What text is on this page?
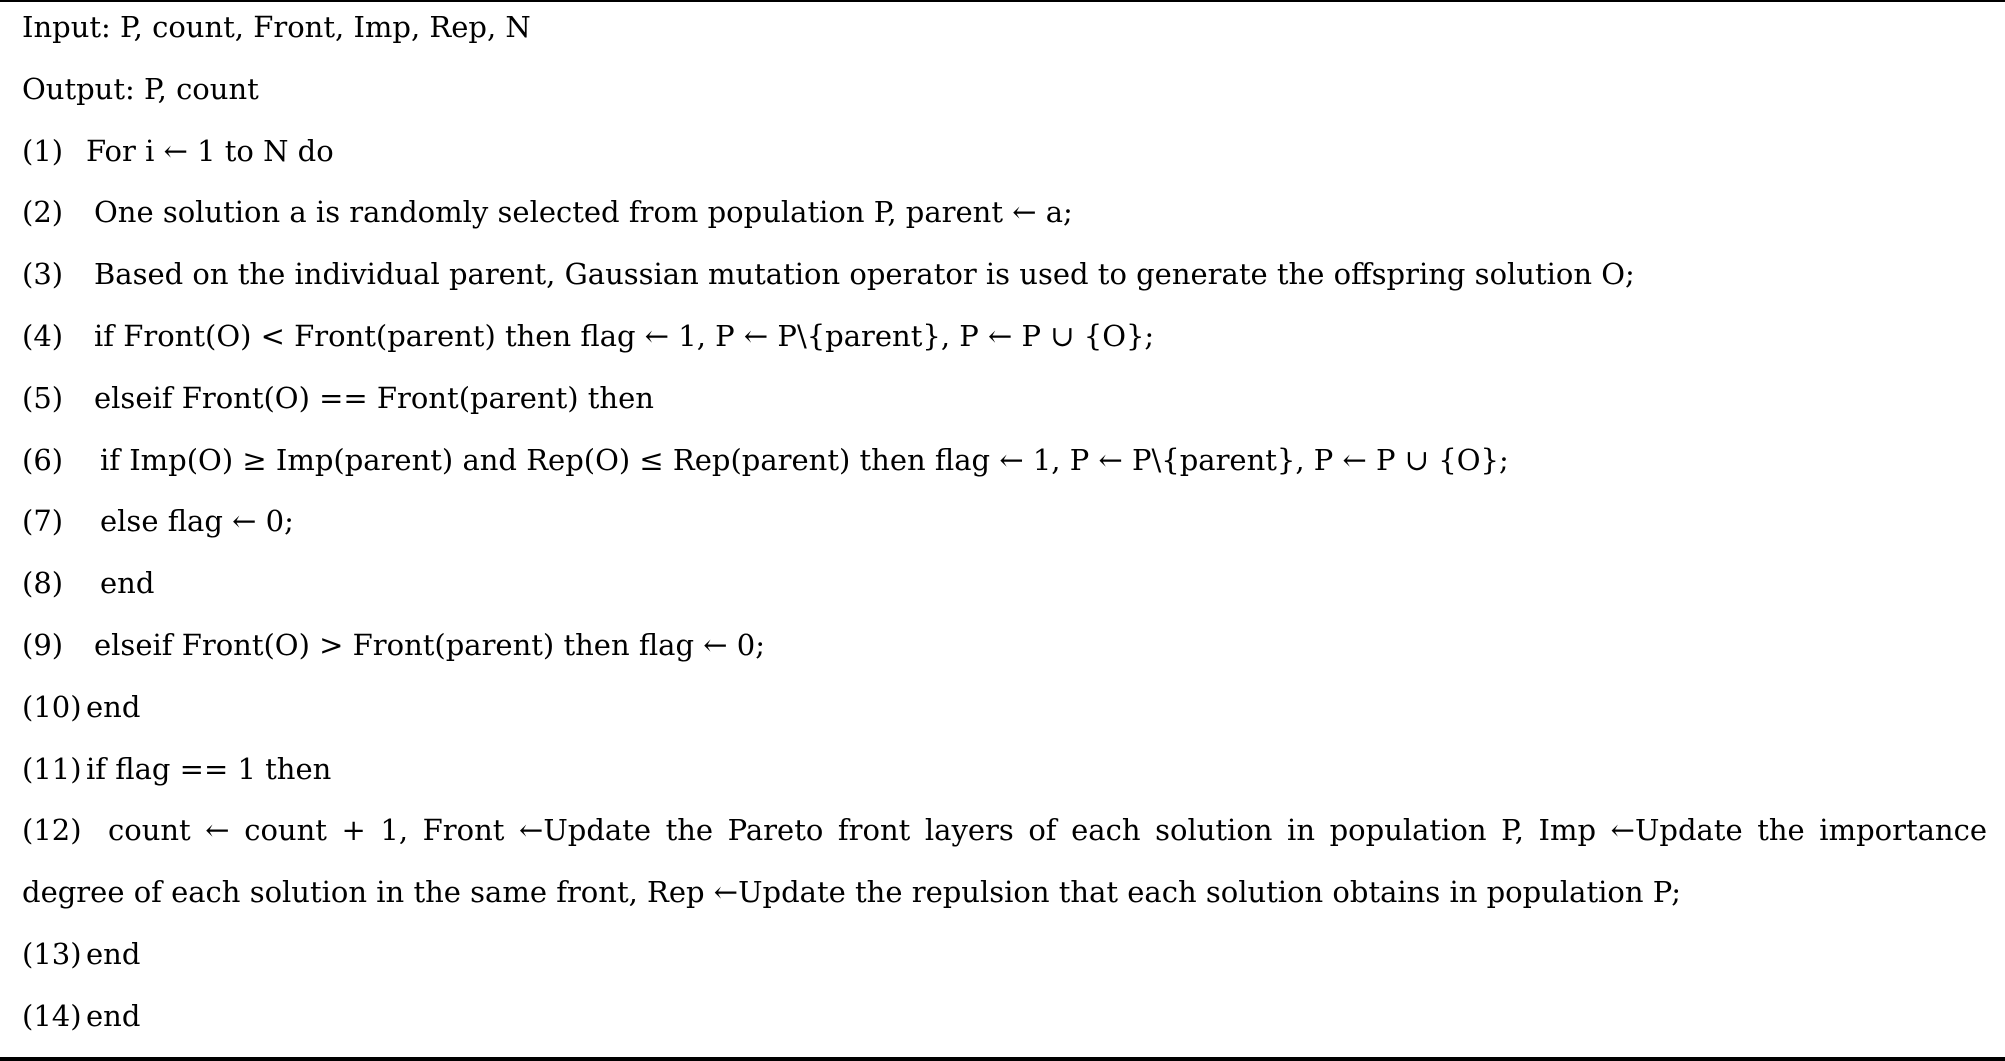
Input: P, count, Front, Imp, Rep, N
Output: P, count
(1) For i ← 1 to N do
(2) One solution a is randomly selected from population P, parent ← a;
(3) Based on the individual parent, Gaussian mutation operator is used to generate the offspring solution O;
(4) if Front(O) < Front(parent) then flag ← 1, P ← P\{parent}, P ← P ∪ {O};
(5) elseif Front(O) == Front(parent) then
(6) if Imp(O) ≥ Imp(parent) and Rep(O) ≤ Rep(parent) then flag ← 1, P ← P\{parent}, P ← P ∪ {O};
(7) else flag ← 0;
(8) end
(9) elseif Front(O) > Front(parent) then flag ← 0;
(10) end
(11) if flag == 1 then
(12) count ← count + 1, Front ←Update the Pareto front layers of each solution in population P, Imp ←Update the importance
degree of each solution in the same front, Rep ←Update the repulsion that each solution obtains in population P;
(13) end
(14) end
